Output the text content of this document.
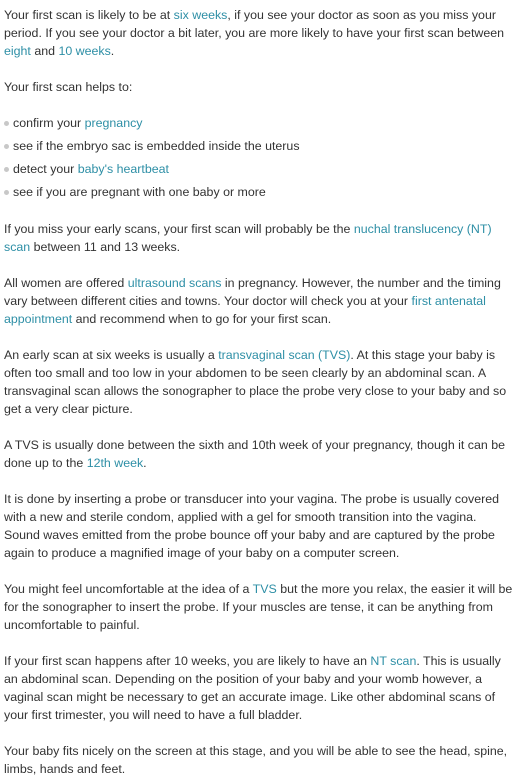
Your first scan is likely to be at six weeks, if you see your doctor as soon as you miss your period. If you see your doctor a bit later, you are more likely to have your first scan between eight and 10 weeks.

Your first scan helps to:

confirm your pregnancy
see if the embryo sac is embedded inside the uterus
detect your baby's heartbeat
see if you are pregnant with one baby or more

If you miss your early scans, your first scan will probably be the nuchal translucency (NT) scan between 11 and 13 weeks.

All women are offered ultrasound scans in pregnancy. However, the number and the timing vary between different cities and towns. Your doctor will check you at your first antenatal appointment and recommend when to go for your first scan.

An early scan at six weeks is usually a transvaginal scan (TVS). At this stage your baby is often too small and too low in your abdomen to be seen clearly by an abdominal scan. A transvaginal scan allows the sonographer to place the probe very close to your baby and so get a very clear picture.

A TVS is usually done between the sixth and 10th week of your pregnancy, though it can be done up to the 12th week.

It is done by inserting a probe or transducer into your vagina. The probe is usually covered with a new and sterile condom, applied with a gel for smooth transition into the vagina. Sound waves emitted from the probe bounce off your baby and are captured by the probe again to produce a magnified image of your baby on a computer screen.

You might feel uncomfortable at the idea of a TVS but the more you relax, the easier it will be for the sonographer to insert the probe. If your muscles are tense, it can be anything from uncomfortable to painful.

If your first scan happens after 10 weeks, you are likely to have an NT scan. This is usually an abdominal scan. Depending on the position of your baby and your womb however, a vaginal scan might be necessary to get an accurate image. Like other abdominal scans of your first trimester, you will need to have a full bladder.

Your baby fits nicely on the screen at this stage, and you will be able to see the head, spine, limbs, hands and feet.
